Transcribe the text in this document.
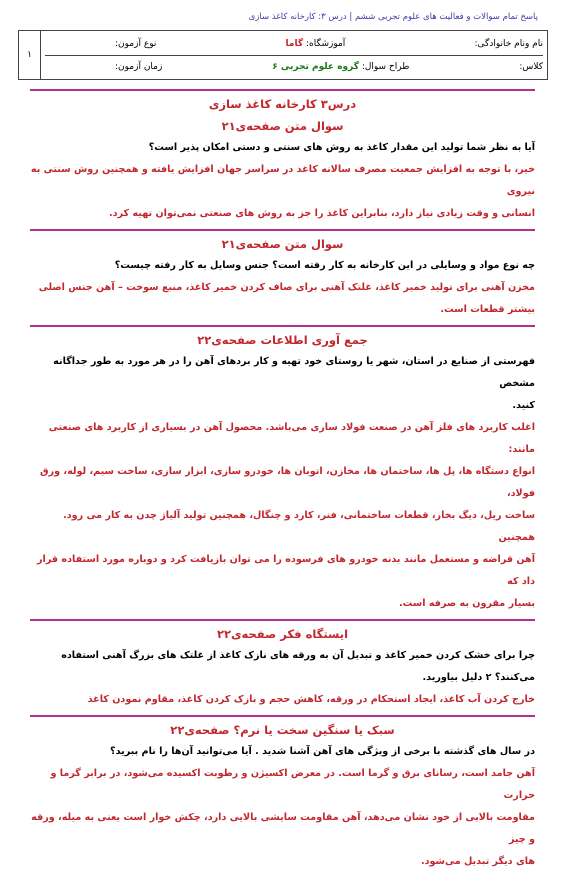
پاسخ تمام سوالات و فعالیت های علوم تجربی ششم | درس ۳: کارخانه کاغذ سازی
نام ونام خانوادگی:
آموزشگاه: گاما
نوع آزمون:
کلاس:
طراح سوال: گروه علوم تجربی ۶
زمان آزمون:
	۱
درس۳ کارخانه کاغذ سازی
سوال متن صفحه‌ی۲۱
آیا به نظر شما تولید این مقدار کاغذ به روش های سنتی و دستی امکان پذیر است؟
خیر، با توجه به افزایش جمعیت مصرف سالانه کاغذ در سراسر جهان افزایش یافته و همچنین روش سنتی به نیروی
انسانی و وقت زیادی نیاز دارد، بنابراین کاغذ را جز به روش های صنعتی نمی‌توان تهیه کرد.
سوال متن صفحه‌ی۲۱
چه نوع مواد و وسایلی در این کارخانه به کار رفته است؟ جنس وسایل به کار رفته چیست؟
مخزن آهنی برای تولید خمیر کاغذ، غلتک آهنی برای صاف کردن خمیر کاغذ، منبع سوخت – آهن جنس اصلی
بیشتر قطعات است.
جمع آوری اطلاعات صفحه‌ی۲۲
فهرستی از صنایع در استان، شهر یا روستای خود تهیه و کار بردهای آهن را در هر مورد به طور جداگانه مشخص
کنید.
اغلب کاربرد های فلز آهن در صنعت فولاد سازی می‌باشد. محصول آهن در بسیاری از کاربرد های صنعتی مانند:
انواع دستگاه ها، پل ها، ساختمان ها، مخازن، اتوبان ها، خودرو سازی، ابزار سازی، ساخت سیم، لوله، ورق فولاد،
ساخت ریل، دیگ بخار، قطعات ساختمانی، فنر، کارد و چنگال، همچنین تولید آلیاژ چدن به کار می رود. همچنین
آهن قراضه و مستعمل مانند بدنه خودرو های فرسوده را می توان بازیافت کرد و دوباره مورد استفاده قرار داد که
بسیار مقرون به صرفه است.
ایستگاه فکر صفحه‌ی۲۲
چرا برای خشک کردن خمیر کاغذ و تبدیل آن به ورقه های نازک کاغذ از غلتک های بزرگ آهنی استفاده
می‌کنند؟ ۲ دلیل بیاورید.
خارج کردن آب کاغذ، ایجاد استحکام در ورقه، کاهش حجم و نازک کردن کاغذ، مقاوم نمودن کاغذ
سبک یا سنگین سخت یا نرم؟ صفحه‌ی۲۲
در سال های گذشته با برخی از ویژگی های آهن آشنا شدید . آیا می‌توانید آن‌ها را نام ببرید؟
آهن جامد است، رسانای برق و گرما است. در معرض اکسیژن و رطوبت اکسیده می‌شود، در برابر گرما و حرارت
مقاومت بالایی از خود نشان می‌دهد، آهن مقاومت سایشی بالایی دارد، چکش خوار است یعنی به میله، ورقه و چیز
های دیگر تبدیل می‌شود.
